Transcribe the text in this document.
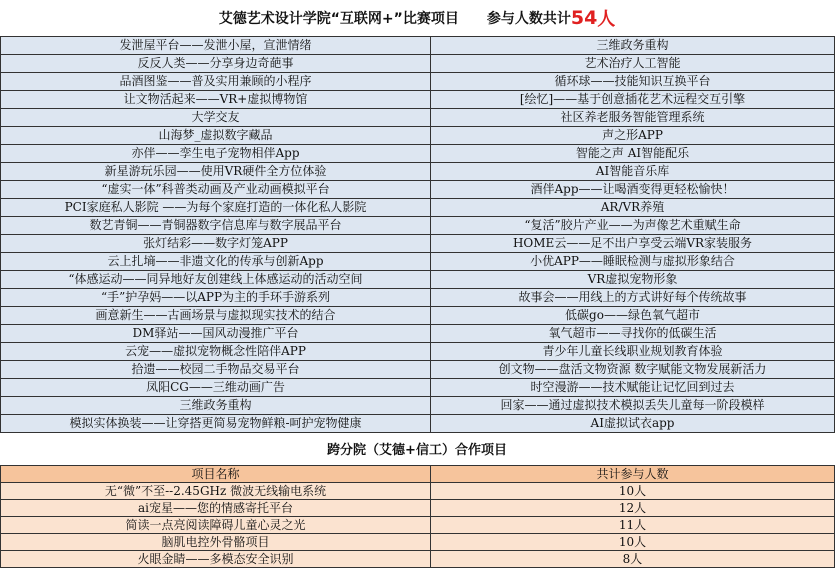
艾德艺术设计学院“互联网+”比赛项目 参与人数共计 54 人
发泄屋平台——发泄小屋，宣泄情绪	三维政务重构
反反人类——分享身边奇葩事	艺术治疗人工智能
品酒图鉴——普及实用兼顾的小程序	循环球——技能知识互换平台
让文物活起来——VR+虚拟博物馆	[绘忆]——基于创意插花艺术远程交互引擎
大学交友	社区养老服务智能管理系统
山海梦_虚拟数字藏品	声之形APP
亦伴——孪生电子宠物相伴App	智能之声 AI智能配乐
新星游玩乐园——使用VR硬件全方位体验	AI智能音乐库
“虚实一体”科普类动画及产业动画模拟平台	酒伴App——让喝酒变得更轻松愉快！
PCI家庭私人影院 ——为每个家庭打造的一体化私人影院	AR/VR养殖
数艺青铜——青铜器数字信息库与数字展品平台	“复活”胶片产业——为声像艺术重赋生命
张灯结彩——数字灯笼APP	HOME云——足不出户享受云端VR家装服务
云上扎墒——非遗文化的传承与创新App	小优APP——睡眠检测与虚拟形象结合
“体感运动——同异地好友创建线上体感运动的活动空间	VR虚拟宠物形象
“手”护孕妈——以APP为主的手环手游系列	故事会——用线上的方式讲好每个传统故事
画意新生——古画场景与虚拟现实技术的结合	低碳go——绿色氧气超市
DM驿站——国风动漫推广平台	氧气超市——寻找你的低碳生活
云宠——虚拟宠物概念性陪伴APP	青少年儿童长线职业规划教育体验
拾遗——校园二手物品交易平台	创文物——盘活文物资源 数字赋能文物发展新活力
凤阳CG——三维动画广告	时空漫游——技术赋能让记忆回到过去
三维政务重构	回家——通过虚拟技术模拟丢失儿童每一阶段模样
模拟实体换装——让穿搭更简易宠物鲜粮-呵护宠物健康	AI虚拟试衣app
跨分院（艾德+信工）合作项目
项目名称	共计参与人数
无“微”不至--2.45GHz 微波无线输电系统	10人
ai宠星——您的情感寄托平台	12人
简读一点亮阅读障碍儿童心灵之光	11人
脑肌电控外骨骼项目	10人
火眼金睛——多模态安全识别	8人
